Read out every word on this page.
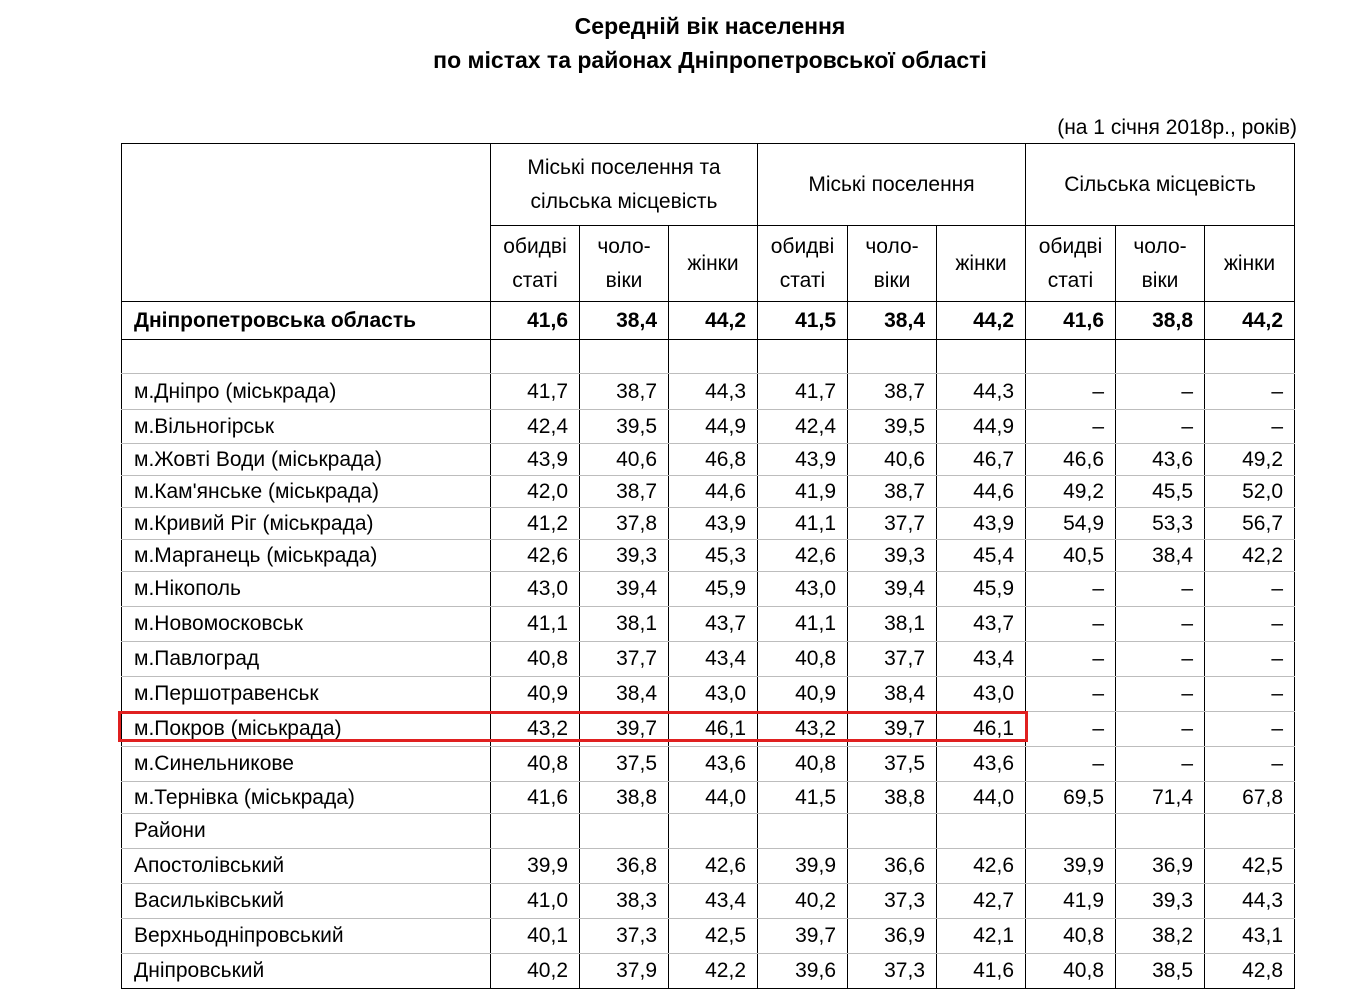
Середній вік населення
по містах та районах Дніпропетровської області
(на 1 січня 2018р., років)
	Міські поселення та сільська місцевість			Міські поселення			Сільська місцевість		
	обидві статі	чоло-віки	жінки	обидві статі	чоло-віки	жінки	обидві статі	чоло-віки	жінки
Дніпропетровська область	41,6	38,4	44,2	41,5	38,4	44,2	41,6	38,8	44,2

м.Дніпро (міськрада)	41,7	38,7	44,3	41,7	38,7	44,3	–	–	–
м.Вільногірськ	42,4	39,5	44,9	42,4	39,5	44,9	–	–	–
м.Жовті Води (міськрада)	43,9	40,6	46,8	43,9	40,6	46,7	46,6	43,6	49,2
м.Кам'янське (міськрада)	42,0	38,7	44,6	41,9	38,7	44,6	49,2	45,5	52,0
м.Кривий Ріг (міськрада)	41,2	37,8	43,9	41,1	37,7	43,9	54,9	53,3	56,7
м.Марганець (міськрада)	42,6	39,3	45,3	42,6	39,3	45,4	40,5	38,4	42,2
м.Нікополь	43,0	39,4	45,9	43,0	39,4	45,9	–	–	–
м.Новомосковськ	41,1	38,1	43,7	41,1	38,1	43,7	–	–	–
м.Павлоград	40,8	37,7	43,4	40,8	37,7	43,4	–	–	–
м.Першотравенськ	40,9	38,4	43,0	40,9	38,4	43,0	–	–	–
м.Покров (міськрада)	43,2	39,7	46,1	43,2	39,7	46,1	–	–	–
м.Синельникове	40,8	37,5	43,6	40,8	37,5	43,6	–	–	–
м.Тернівка (міськрада)	41,6	38,8	44,0	41,5	38,8	44,0	69,5	71,4	67,8
Райони									
Апостолівський	39,9	36,8	42,6	39,9	36,6	42,6	39,9	36,9	42,5
Васильківський	41,0	38,3	43,4	40,2	37,3	42,7	41,9	39,3	44,3
Верхньодніпровський	40,1	37,3	42,5	39,7	36,9	42,1	40,8	38,2	43,1
Дніпровський	40,2	37,9	42,2	39,6	37,3	41,6	40,8	38,5	42,8
